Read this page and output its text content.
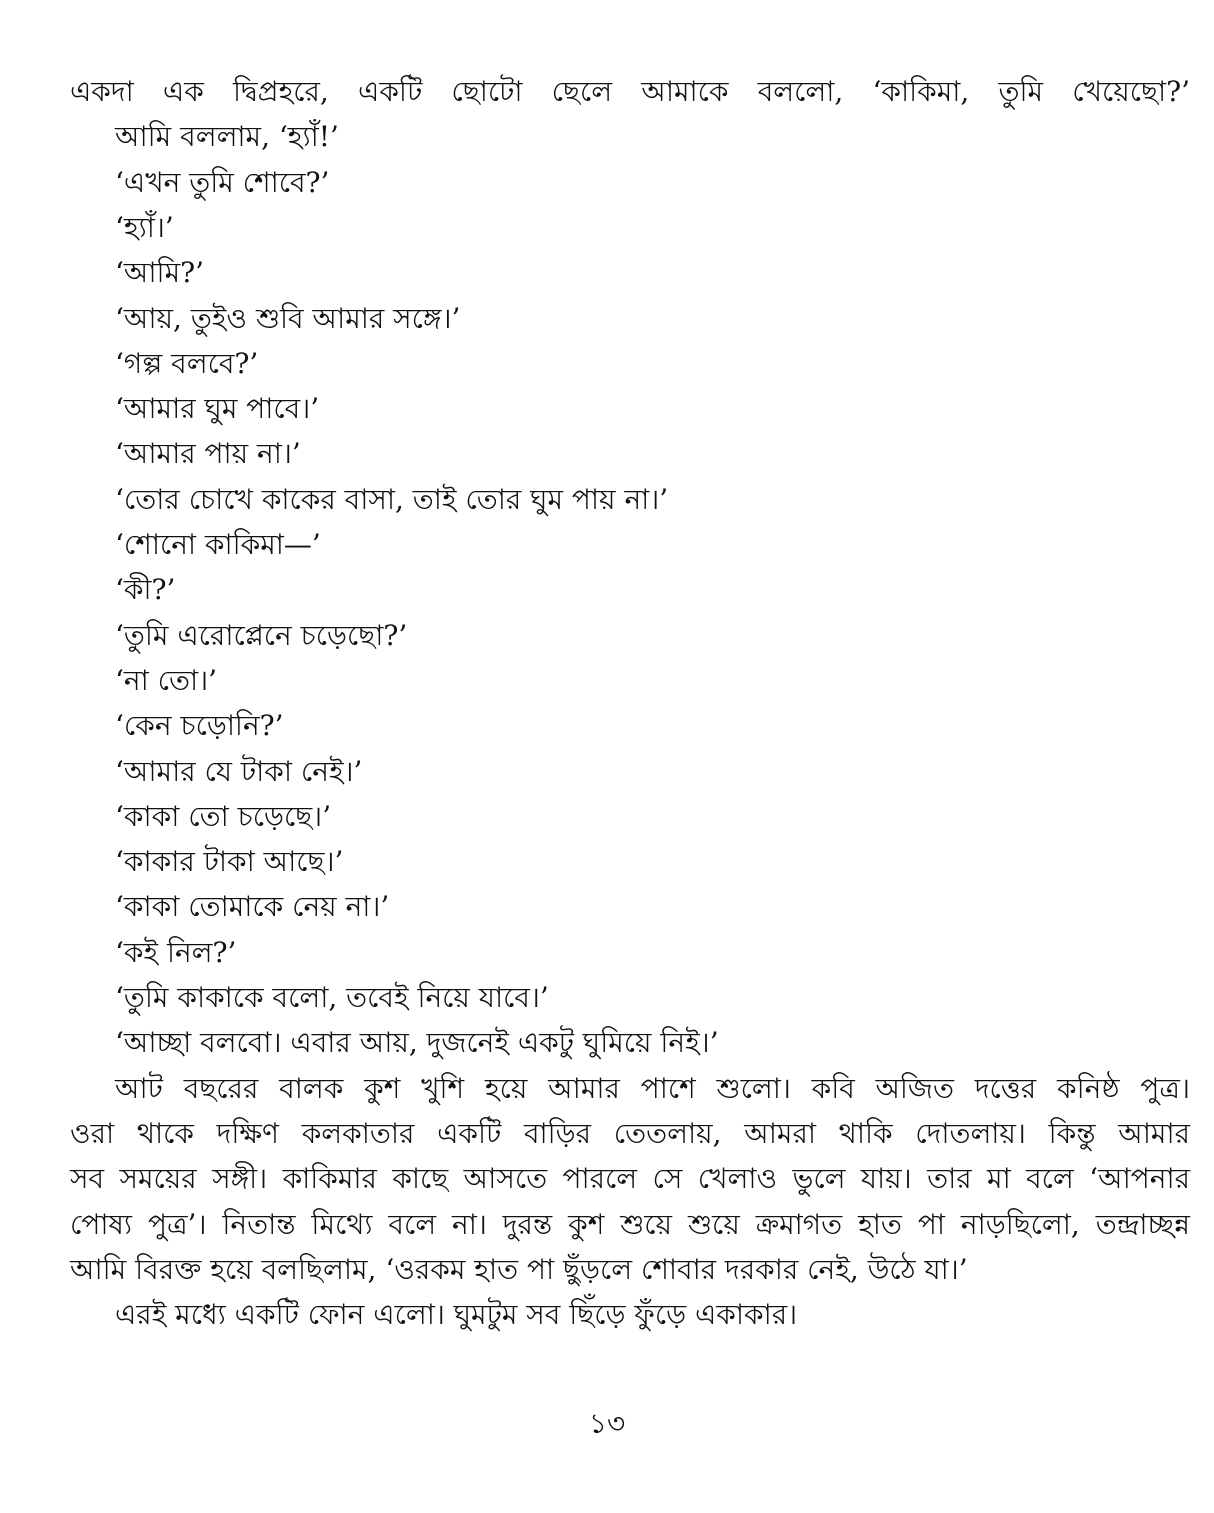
একদা এক দ্বিপ্রহরে, একটি ছোটো ছেলে আমাকে বললো, ‘কাকিমা, তুমি খেয়েছো?’
আমি বললাম, ‘হ্যাঁ!’
‘এখন তুমি শোবে?’
‘হ্যাঁ।’
‘আমি?’
‘আয়, তুইও শুবি আমার সঙ্গে।’
‘গল্প বলবে?’
‘আমার ঘুম পাবে।’
‘আমার পায় না।’
‘তোর চোখে কাকের বাসা, তাই তোর ঘুম পায় না।’
‘শোনো কাকিমা—’
‘কী?’
‘তুমি এরোপ্লেনে চড়েছো?’
‘না তো।’
‘কেন চড়োনি?’
‘আমার যে টাকা নেই।’
‘কাকা তো চড়েছে।’
‘কাকার টাকা আছে।’
‘কাকা তোমাকে নেয় না।’
‘কই নিল?’
‘তুমি কাকাকে বলো, তবেই নিয়ে যাবে।’
‘আচ্ছা বলবো। এবার আয়, দুজনেই একটু ঘুমিয়ে নিই।’
আট বছরের বালক কুশ খুশি হয়ে আমার পাশে শুলো। কবি অজিত দত্তের কনিষ্ঠ পুত্র।
ওরা থাকে দক্ষিণ কলকাতার একটি বাড়ির তেতলায়, আমরা থাকি দোতলায়। কিন্তু আমার
সব সময়ের সঙ্গী। কাকিমার কাছে আসতে পারলে সে খেলাও ভুলে যায়। তার মা বলে ‘আপনার
পোষ্য পুত্র’। নিতান্ত মিথ্যে বলে না। দুরন্ত কুশ শুয়ে শুয়ে ক্রমাগত হাত পা নাড়ছিলো, তন্দ্রাচ্ছন্ন
আমি বিরক্ত হয়ে বলছিলাম, ‘ওরকম হাত পা ছুঁড়লে শোবার দরকার নেই, উঠে যা।’
এরই মধ্যে একটি ফোন এলো। ঘুমটুম সব ছিঁড়ে ফুঁড়ে একাকার।
১৩
